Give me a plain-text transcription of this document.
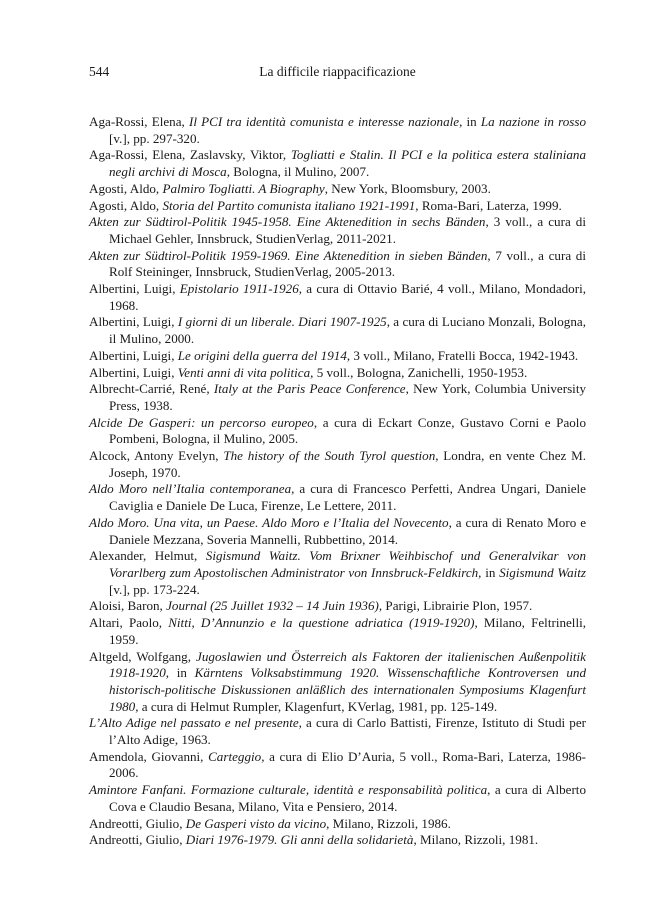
544	La difficile riappacificazione
Aga-Rossi, Elena, Il PCI tra identità comunista e interesse nazionale, in La nazione in rosso [v.], pp. 297-320.
Aga-Rossi, Elena, Zaslavsky, Viktor, Togliatti e Stalin. Il PCI e la politica estera staliniana negli archivi di Mosca, Bologna, il Mulino, 2007.
Agosti, Aldo, Palmiro Togliatti. A Biography, New York, Bloomsbury, 2003.
Agosti, Aldo, Storia del Partito comunista italiano 1921-1991, Roma-Bari, Laterza, 1999.
Akten zur Südtirol-Politik 1945-1958. Eine Aktenedition in sechs Bänden, 3 voll., a cura di Michael Gehler, Innsbruck, StudienVerlag, 2011-2021.
Akten zur Südtirol-Politik 1959-1969. Eine Aktenedition in sieben Bänden, 7 voll., a cura di Rolf Steininger, Innsbruck, StudienVerlag, 2005-2013.
Albertini, Luigi, Epistolario 1911-1926, a cura di Ottavio Barié, 4 voll., Milano, Mondadori, 1968.
Albertini, Luigi, I giorni di un liberale. Diari 1907-1925, a cura di Luciano Monzali, Bologna, il Mulino, 2000.
Albertini, Luigi, Le origini della guerra del 1914, 3 voll., Milano, Fratelli Bocca, 1942-1943.
Albertini, Luigi, Venti anni di vita politica, 5 voll., Bologna, Zanichelli, 1950-1953.
Albrecht-Carrié, René, Italy at the Paris Peace Conference, New York, Columbia University Press, 1938.
Alcide De Gasperi: un percorso europeo, a cura di Eckart Conze, Gustavo Corni e Paolo Pombeni, Bologna, il Mulino, 2005.
Alcock, Antony Evelyn, The history of the South Tyrol question, Londra, en vente Chez M. Joseph, 1970.
Aldo Moro nell’Italia contemporanea, a cura di Francesco Perfetti, Andrea Ungari, Daniele Caviglia e Daniele De Luca, Firenze, Le Lettere, 2011.
Aldo Moro. Una vita, un Paese. Aldo Moro e l’Italia del Novecento, a cura di Renato Moro e Daniele Mezzana, Soveria Mannelli, Rubbettino, 2014.
Alexander, Helmut, Sigismund Waitz. Vom Brixner Weihbischof und Generalvikar von Vorarlberg zum Apostolischen Administrator von Innsbruck-Feldkirch, in Sigismund Waitz [v.], pp. 173-224.
Aloisi, Baron, Journal (25 Juillet 1932 – 14 Juin 1936), Parigi, Librairie Plon, 1957.
Altari, Paolo, Nitti, D’Annunzio e la questione adriatica (1919-1920), Milano, Feltrinelli, 1959.
Altgeld, Wolfgang, Jugoslawien und Österreich als Faktoren der italienischen Außenpolitik 1918-1920, in Kärntens Volksabstimmung 1920. Wissenschaftliche Kontroversen und historisch-politische Diskussionen anläßlich des internationalen Symposiums Klagenfurt 1980, a cura di Helmut Rumpler, Klagenfurt, KVerlag, 1981, pp. 125-149.
L’Alto Adige nel passato e nel presente, a cura di Carlo Battisti, Firenze, Istituto di Studi per l’Alto Adige, 1963.
Amendola, Giovanni, Carteggio, a cura di Elio D’Auria, 5 voll., Roma-Bari, Laterza, 1986-2006.
Amintore Fanfani. Formazione culturale, identità e responsabilità politica, a cura di Alberto Cova e Claudio Besana, Milano, Vita e Pensiero, 2014.
Andreotti, Giulio, De Gasperi visto da vicino, Milano, Rizzoli, 1986.
Andreotti, Giulio, Diari 1976-1979. Gli anni della solidarietà, Milano, Rizzoli, 1981.
